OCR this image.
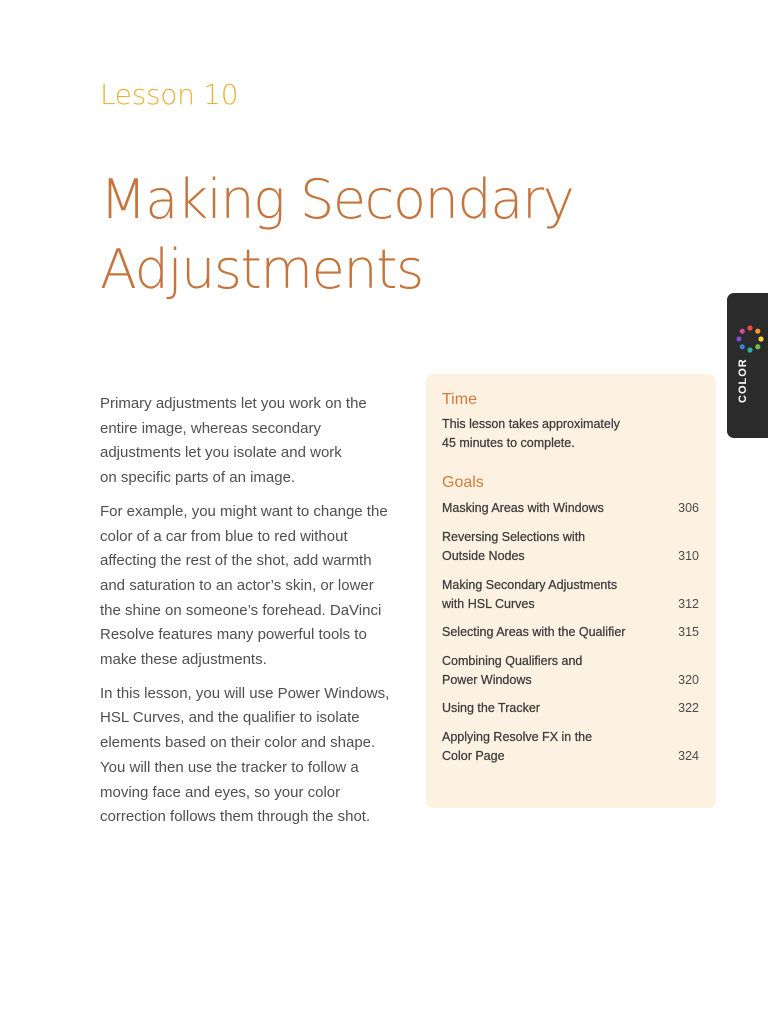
Lesson 10
Making Secondary
Adjustments

Primary adjustments let you work on the
entire image, whereas secondary
adjustments let you isolate and work
on specific parts of an image.

For example, you might want to change the
color of a car from blue to red without
affecting the rest of the shot, add warmth
and saturation to an actor’s skin, or lower
the shine on someone’s forehead. DaVinci
Resolve features many powerful tools to
make these adjustments.

In this lesson, you will use Power Windows,
HSL Curves, and the qualifier to isolate
elements based on their color and shape.
You will then use the tracker to follow a
moving face and eyes, so your color
correction follows them through the shot.

Time
This lesson takes approximately
45 minutes to complete.
Goals
Masking Areas with Windows	306
Reversing Selections with
Outside Nodes	310
Making Secondary Adjustments
with HSL Curves	312
Selecting Areas with the Qualifier	315
Combining Qualifiers and
Power Windows	320
Using the Tracker	322
Applying Resolve FX in the
Color Page	324
COLOR
